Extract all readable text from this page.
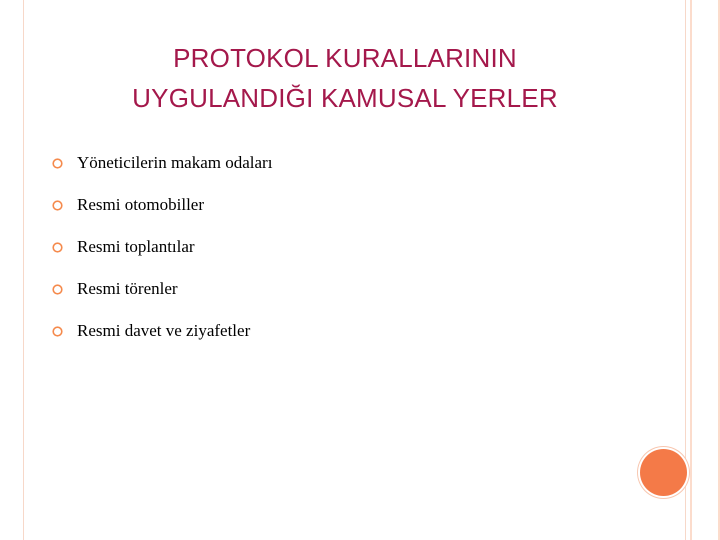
PROTOKOL KURALLARININ
UYGULANDIĞI KAMUSAL YERLER
Yöneticilerin makam odaları
Resmi otomobiller
Resmi toplantılar
Resmi törenler
Resmi davet ve ziyafetler
